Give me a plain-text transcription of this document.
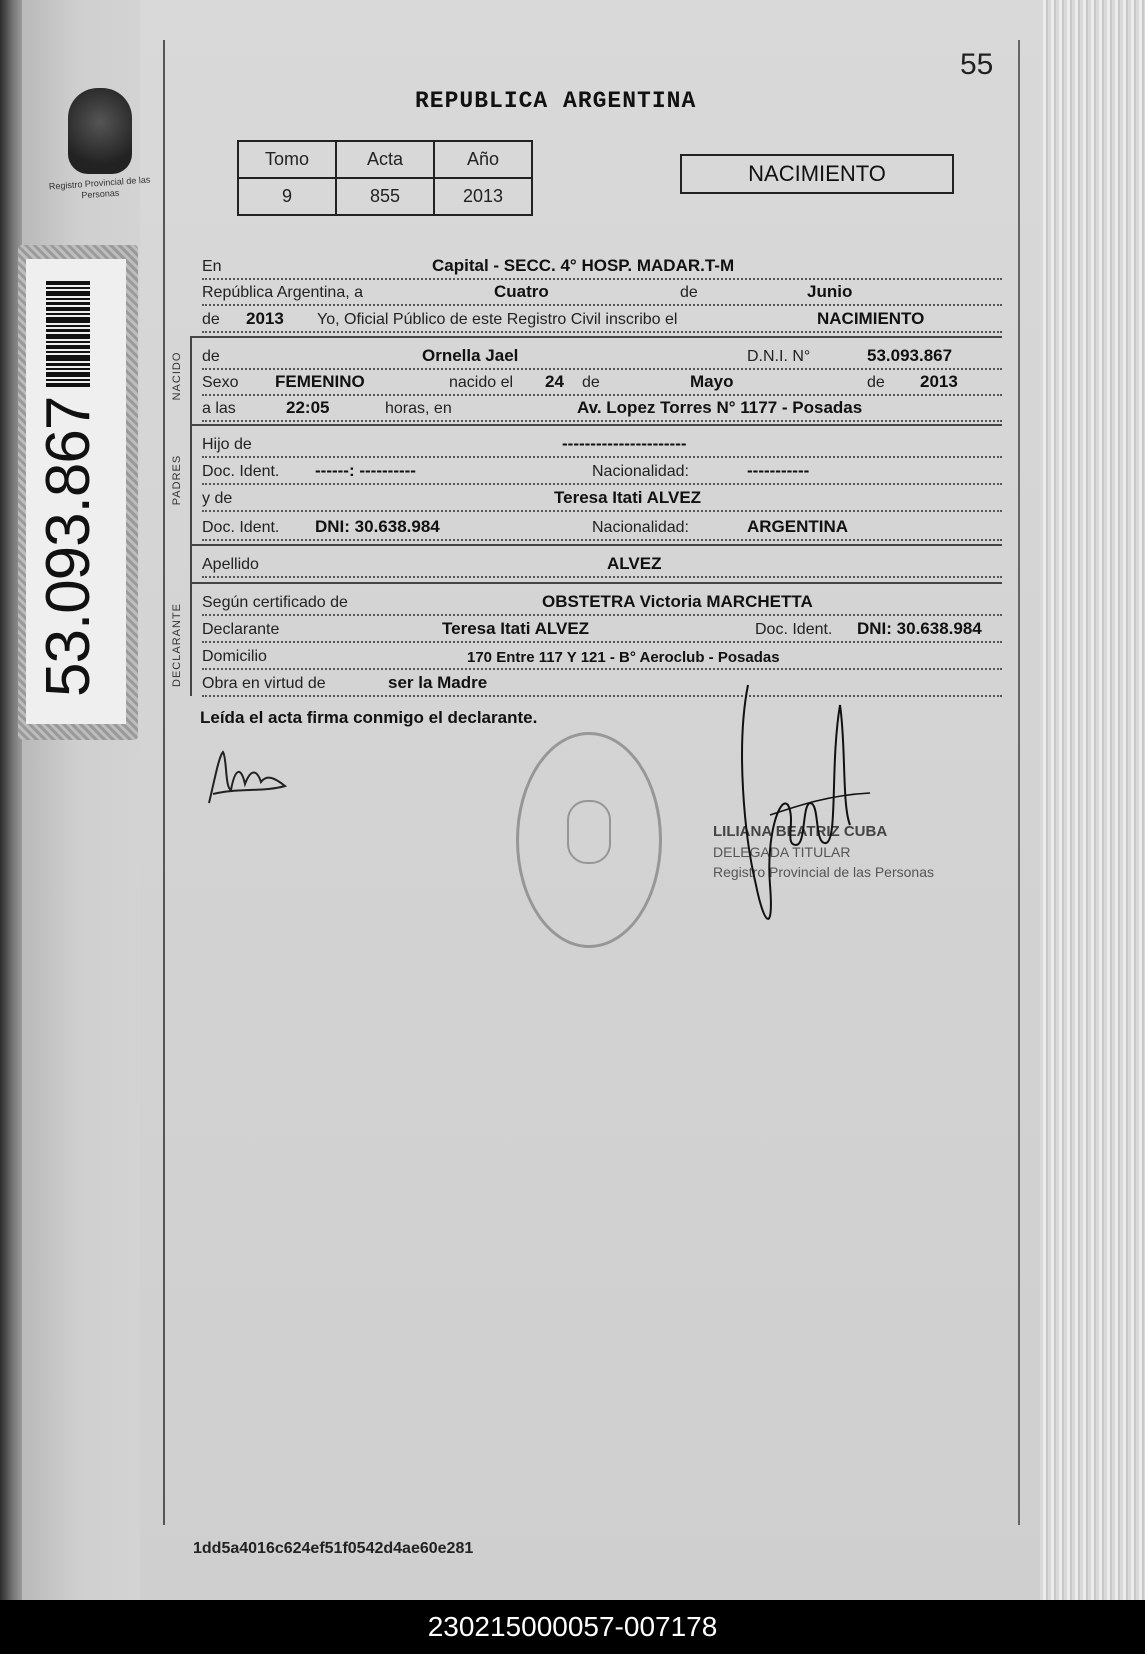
Registro Provincial de las Personas
53.093.867
55
REPUBLICA ARGENTINA
Tomo	Acta	Año
9	855	2013
NACIMIENTO
En	Capital - SECC. 4° HOSP. MADAR.T-M
República Argentina, a	Cuatro	de	Junio
de 2013 Yo, Oficial Público de este Registro Civil inscribo el	NACIMIENTO
NACIDO de	Ornella Jael	D.N.I. N°	53.093.867
Sexo FEMENINO	nacido el 24 de	Mayo	de 2013
a las	22:05	horas, en	Av. Lopez Torres N° 1177 - Posadas
PADRES
Hijo de	----------------------
Doc. Ident. ------: ----------	Nacionalidad:	-----------
y de	Teresa Itati ALVEZ
Doc. Ident. DNI: 30.638.984	Nacionalidad:	ARGENTINA
Apellido	ALVEZ
DECLARANTE
Según certificado de	OBSTETRA Victoria MARCHETTA
Declarante	Teresa Itati ALVEZ	Doc. Ident. DNI: 30.638.984
Domicilio	170 Entre 117 Y 121 - B° Aeroclub - Posadas
Obra en virtud de	ser la Madre
Leída el acta firma conmigo el declarante.
LILIANA BEATRIZ CUBA
DELEGADA TITULAR
Registro Provincial de las Personas
1dd5a4016c624ef51f0542d4ae60e281
230215000057-007178
